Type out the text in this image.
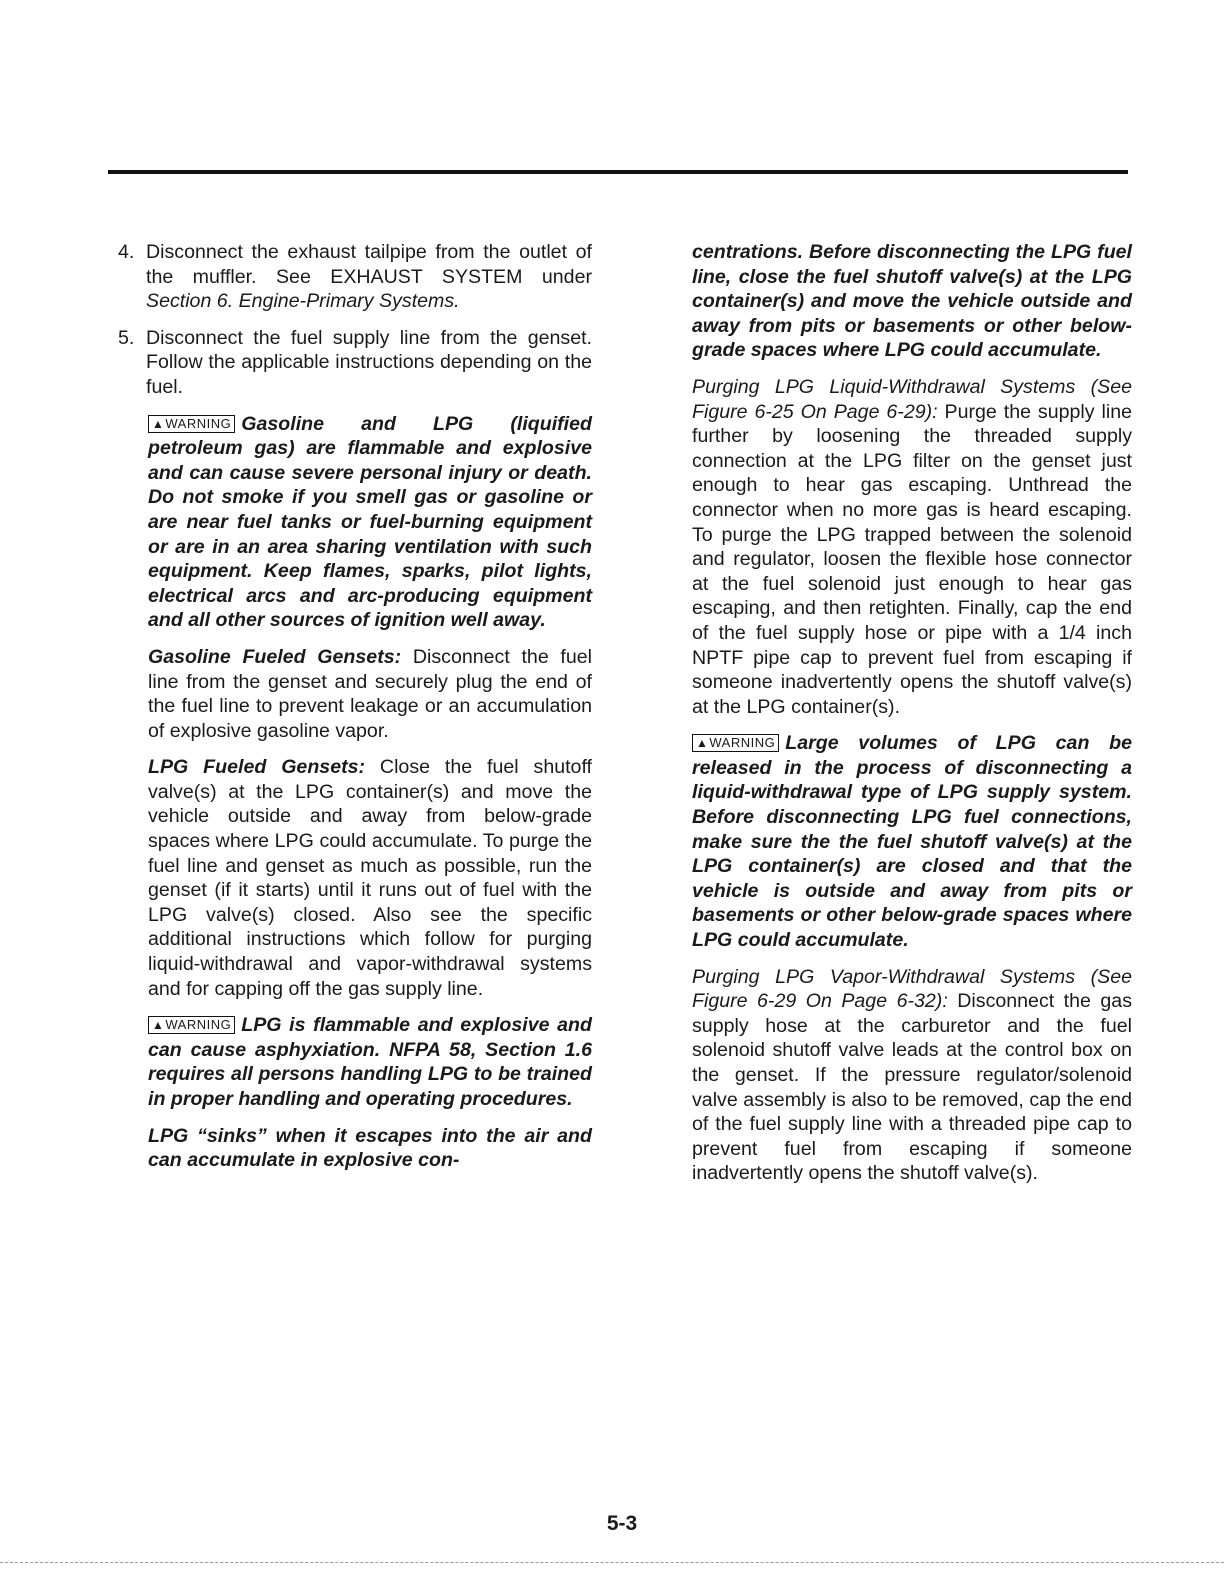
4. Disconnect the exhaust tailpipe from the outlet of the muffler. See EXHAUST SYSTEM under Section 6. Engine-Primary Systems.
5. Disconnect the fuel supply line from the genset. Follow the applicable instructions depending on the fuel.

▲WARNING Gasoline and LPG (liquified petroleum gas) are flammable and explosive and can cause severe personal injury or death. Do not smoke if you smell gas or gasoline or are near fuel tanks or fuel-burning equipment or are in an area sharing ventilation with such equipment. Keep flames, sparks, pilot lights, electrical arcs and arc-producing equipment and all other sources of ignition well away.

Gasoline Fueled Gensets: Disconnect the fuel line from the genset and securely plug the end of the fuel line to prevent leakage or an accumulation of explosive gasoline vapor.

LPG Fueled Gensets: Close the fuel shutoff valve(s) at the LPG container(s) and move the vehicle outside and away from below-grade spaces where LPG could accumulate. To purge the fuel line and genset as much as possible, run the genset (if it starts) until it runs out of fuel with the LPG valve(s) closed. Also see the specific additional instructions which follow for purging liquid-withdrawal and vapor-withdrawal systems and for capping off the gas supply line.

▲WARNING LPG is flammable and explosive and can cause asphyxiation. NFPA 58, Section 1.6 requires all persons handling LPG to be trained in proper handling and operating procedures.

LPG “sinks” when it escapes into the air and can accumulate in explosive con-

centrations. Before disconnecting the LPG fuel line, close the fuel shutoff valve(s) at the LPG container(s) and move the vehicle outside and away from pits or basements or other below-grade spaces where LPG could accumulate.

Purging LPG Liquid-Withdrawal Systems (See Figure 6-25 On Page 6-29): Purge the supply line further by loosening the threaded supply connection at the LPG filter on the genset just enough to hear gas escaping. Unthread the connector when no more gas is heard escaping. To purge the LPG trapped between the solenoid and regulator, loosen the flexible hose connector at the fuel solenoid just enough to hear gas escaping, and then retighten. Finally, cap the end of the fuel supply hose or pipe with a 1/4 inch NPTF pipe cap to prevent fuel from escaping if someone inadvertently opens the shutoff valve(s) at the LPG container(s).

▲WARNING Large volumes of LPG can be released in the process of disconnecting a liquid-withdrawal type of LPG supply system. Before disconnecting LPG fuel connections, make sure the the fuel shutoff valve(s) at the LPG container(s) are closed and that the vehicle is outside and away from pits or basements or other below-grade spaces where LPG could accumulate.

Purging LPG Vapor-Withdrawal Systems (See Figure 6-29 On Page 6-32): Disconnect the gas supply hose at the carburetor and the fuel solenoid shutoff valve leads at the control box on the genset. If the pressure regulator/solenoid valve assembly is also to be removed, cap the end of the fuel supply line with a threaded pipe cap to prevent fuel from escaping if someone inadvertently opens the shutoff valve(s).

5-3
